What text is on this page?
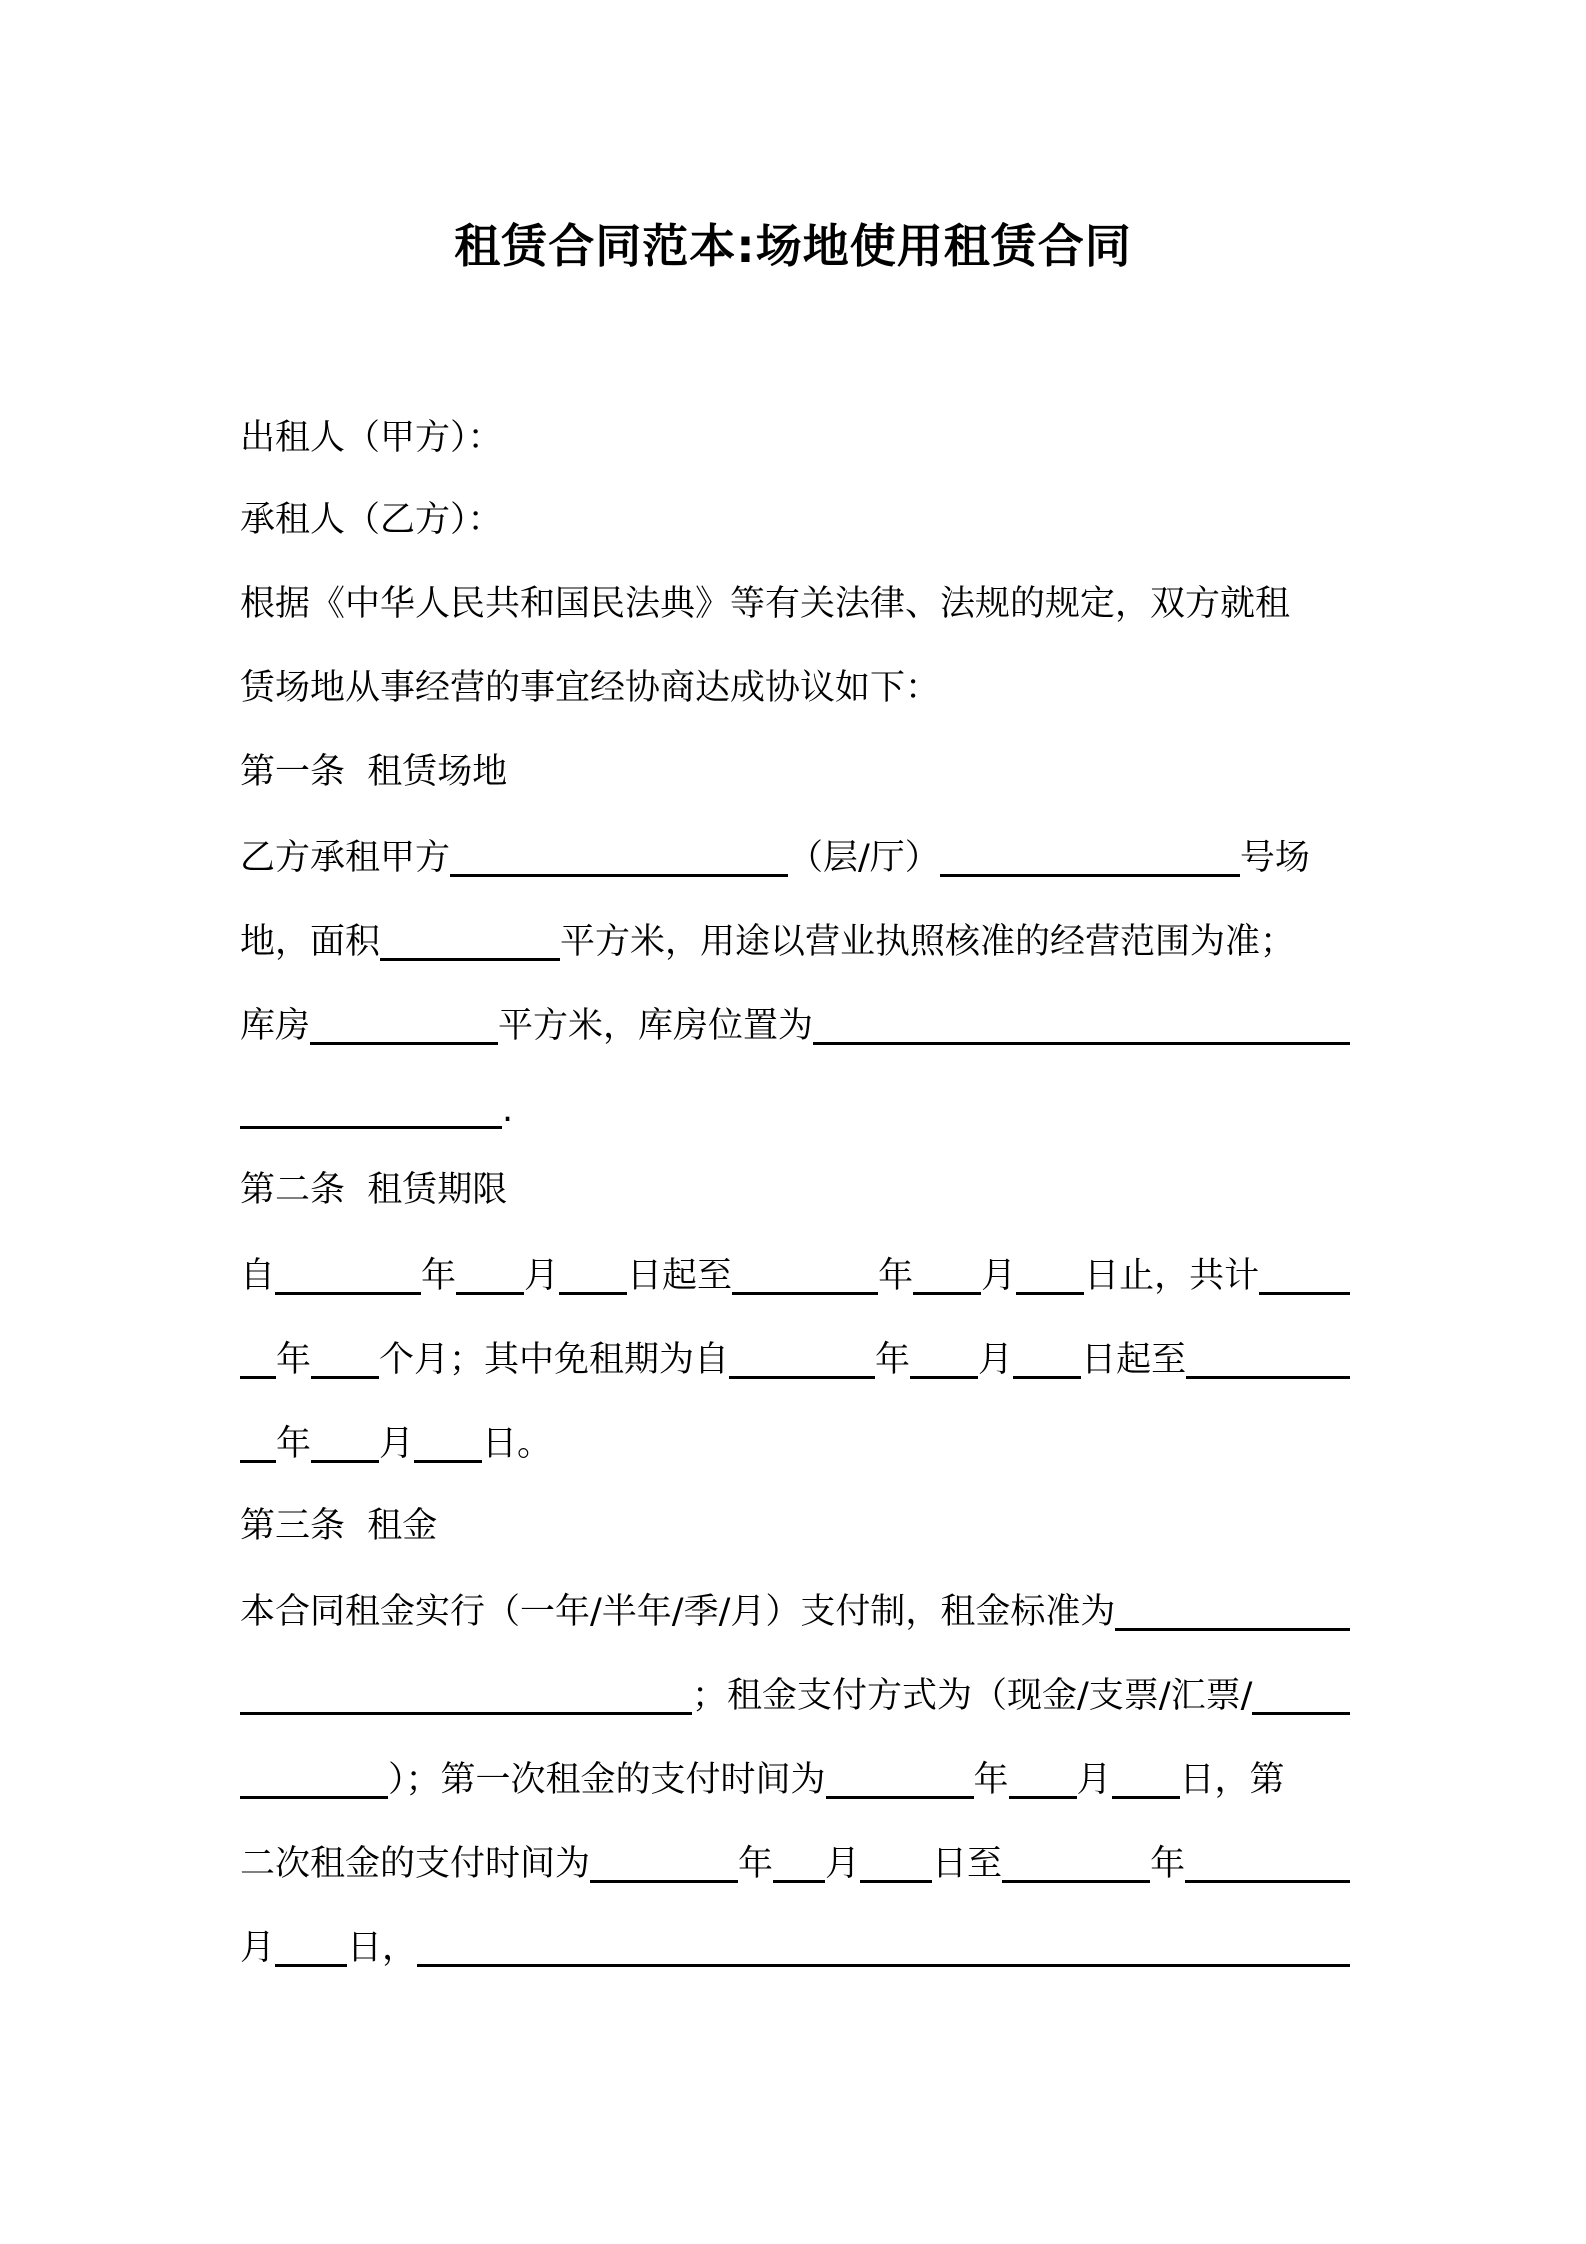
租赁合同范本:场地使用租赁合同
出租人（甲方）：
承租人（乙方）：
根据《中华人民共和国民法典》等有关法律、法规的规定，双方就租
赁场地从事经营的事宜经协商达成协议如下：
第一条  租赁场地
乙方承租甲方	（层/厅）	号场
地，面积	平方米，用途以营业执照核准的经营范围为准；
库房	平方米，库房位置为
.
第二条  租赁期限
自	年 月 日起至	年 月 日止，共计
年 个月；其中免租期为自	年 月 日起至
年 月 日。
第三条  租金
本合同租金实行（一年/半年/季/月）支付制，租金标准为
；租金支付方式为（现金/支票/汇票/
）；第一次租金的支付时间为	年 月 日，第
二次租金的支付时间为	年 月 日至	年
月 日，
